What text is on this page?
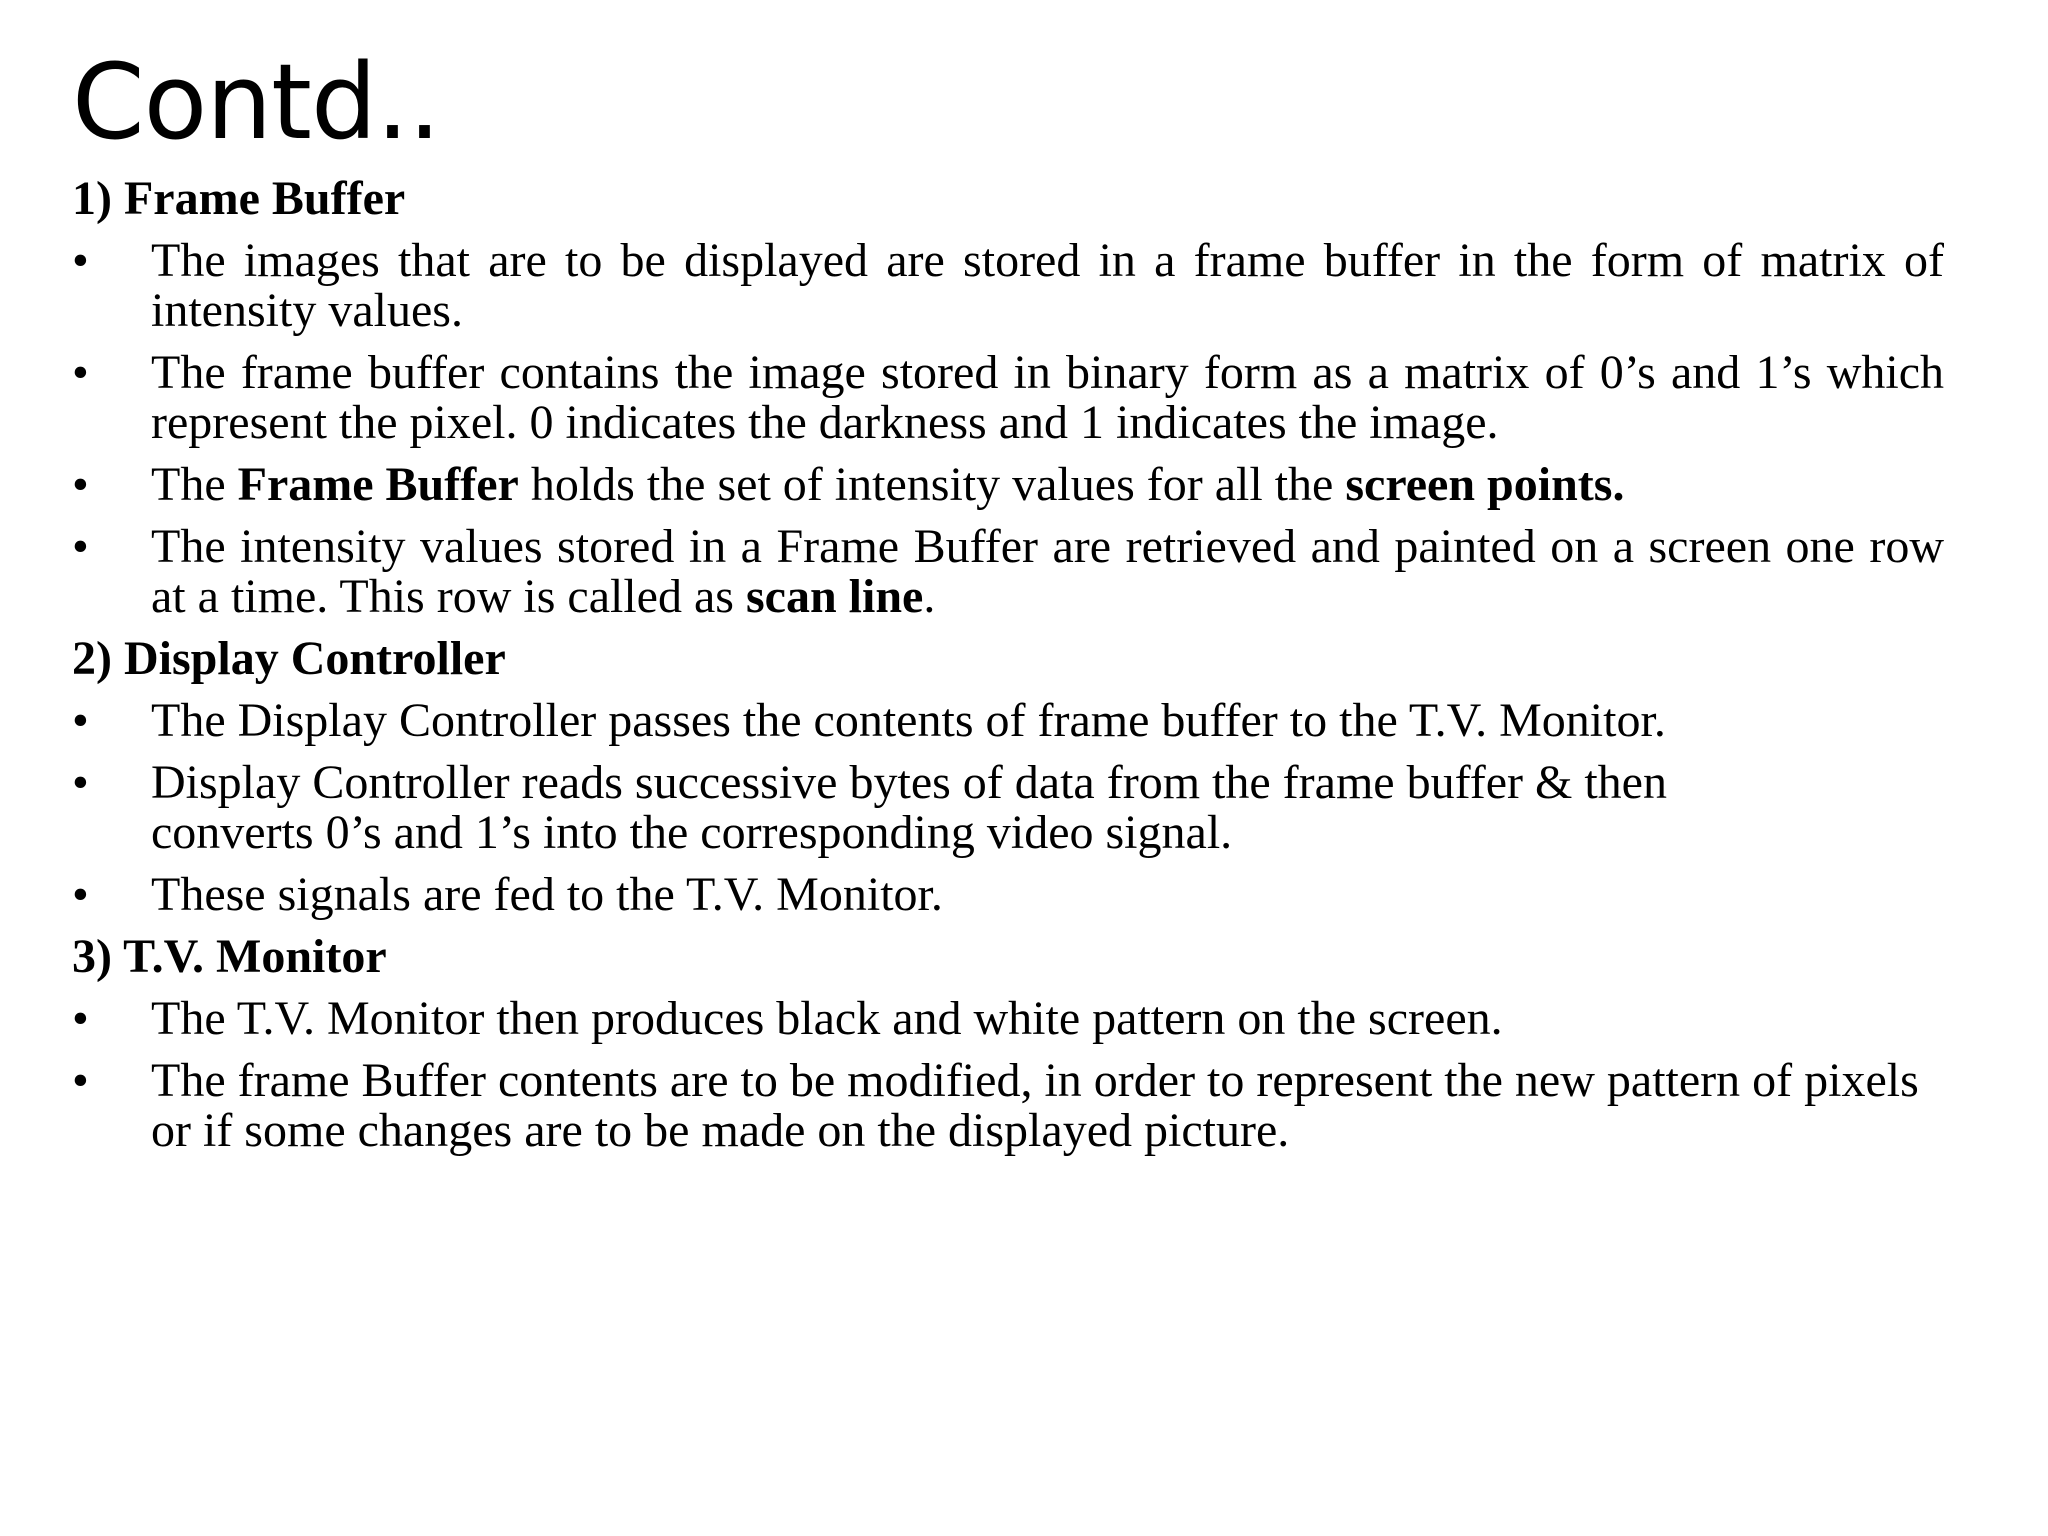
Contd..
1) Frame Buffer
• The images that are to be displayed are stored in a frame buffer in the form of matrix of intensity values.
• The frame buffer contains the image stored in binary form as a matrix of 0’s and 1’s which represent the pixel. 0 indicates the darkness and 1 indicates the image.
• The Frame Buffer holds the set of intensity values for all the screen points.
• The intensity values stored in a Frame Buffer are retrieved and painted on a screen one row at a time. This row is called as scan line.
2) Display Controller
• The Display Controller passes the contents of frame buffer to the T.V. Monitor.
• Display Controller reads successive bytes of data from the frame buffer & then converts 0’s and 1’s into the corresponding video signal.
• These signals are fed to the T.V. Monitor.
3) T.V. Monitor
• The T.V. Monitor then produces black and white pattern on the screen.
• The frame Buffer contents are to be modified, in order to represent the new pattern of pixels or if some changes are to be made on the displayed picture.
